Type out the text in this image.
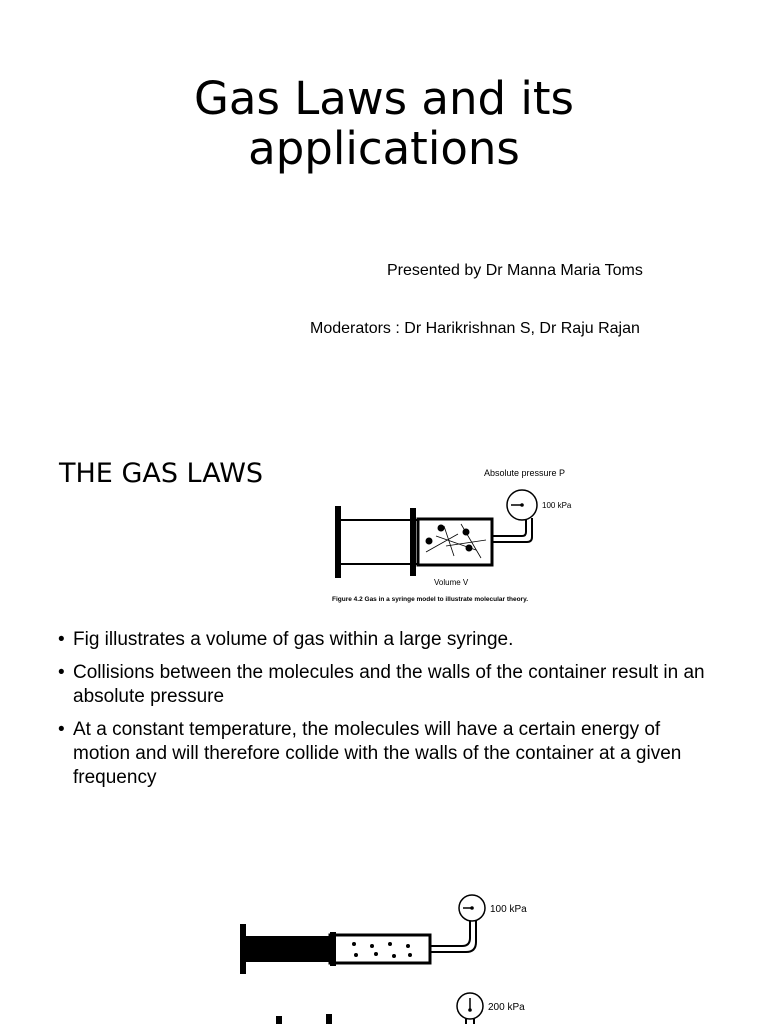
Gas Laws and its
applications
Presented by Dr Manna Maria Toms
Moderators : Dr Harikrishnan S, Dr Raju Rajan
THE GAS LAWS	Absolute pressure P
100 kPa
Volume V
Figure 4.2 Gas in a syringe model to illustrate molecular theory.
• Fig illustrates a volume of gas within a large syringe.
• Collisions between the molecules and the walls of the container result in an absolute pressure
• At a constant temperature, the molecules will have a certain energy of motion and will therefore collide with the walls of the container at a given frequency
100 kPa
200 kPa
